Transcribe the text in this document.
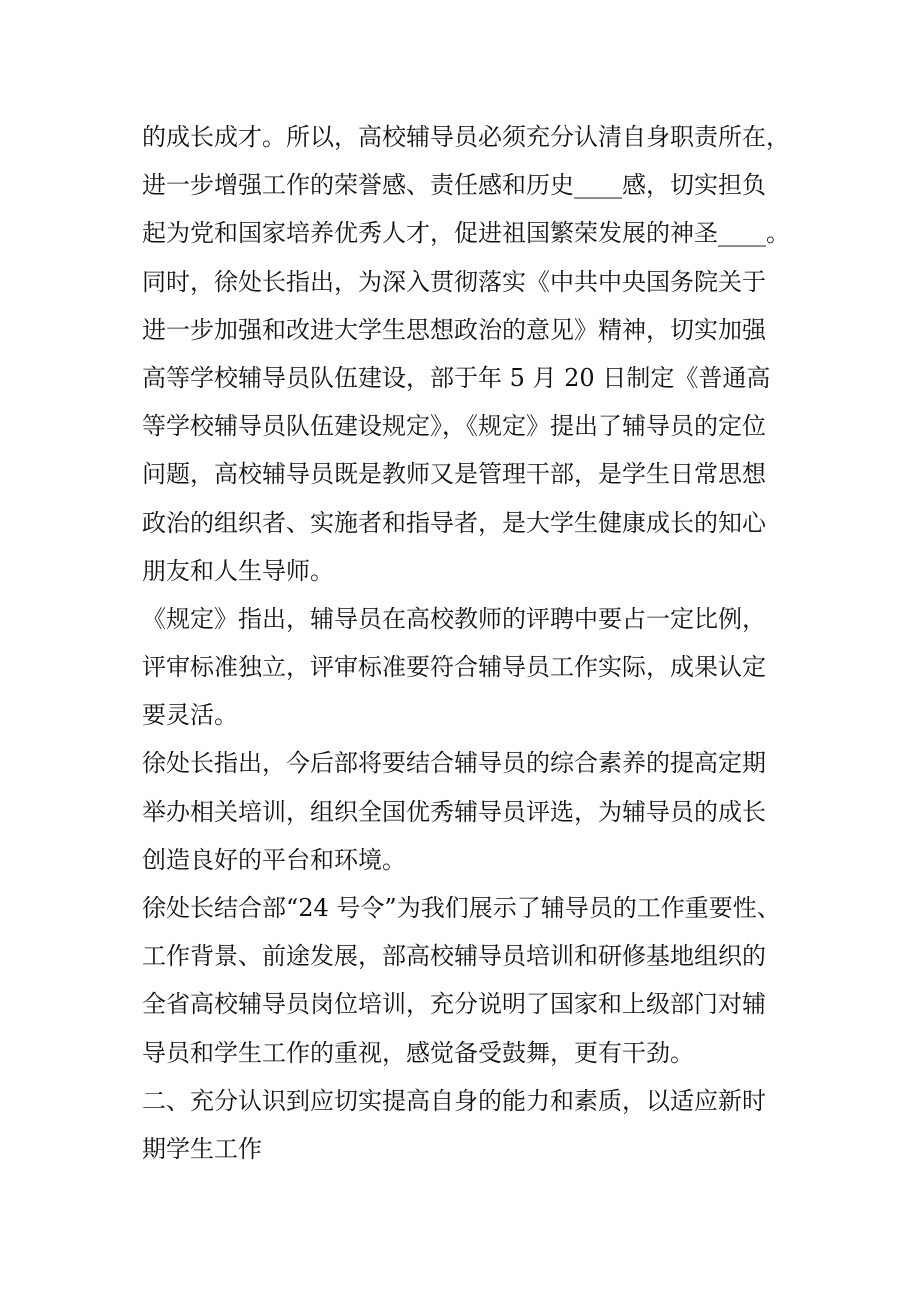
的成长成才。所以，高校辅导员必须充分认清自身职责所在，

进一步增强工作的荣誉感、责任感和历史____感，切实担负

起为党和国家培养优秀人才，促进祖国繁荣发展的神圣____。

同时，徐处长指出，为深入贯彻落实《中共中央国务院关于

进一步加强和改进大学生思想政治的意见》精神，切实加强

高等学校辅导员队伍建设，部于年 5 月 20 日制定《普通高

等学校辅导员队伍建设规定》，《规定》提出了辅导员的定位

问题，高校辅导员既是教师又是管理干部，是学生日常思想

政治的组织者、实施者和指导者，是大学生健康成长的知心

朋友和人生导师。

《规定》指出，辅导员在高校教师的评聘中要占一定比例，

评审标准独立，评审标准要符合辅导员工作实际，成果认定

要灵活。

徐处长指出，今后部将要结合辅导员的综合素养的提高定期

举办相关培训，组织全国优秀辅导员评选，为辅导员的成长

创造良好的平台和环境。

徐处长结合部“24 号令”为我们展示了辅导员的工作重要性、

工作背景、前途发展，部高校辅导员培训和研修基地组织的

全省高校辅导员岗位培训，充分说明了国家和上级部门对辅

导员和学生工作的重视，感觉备受鼓舞，更有干劲。

二、充分认识到应切实提高自身的能力和素质，以适应新时

期学生工作
